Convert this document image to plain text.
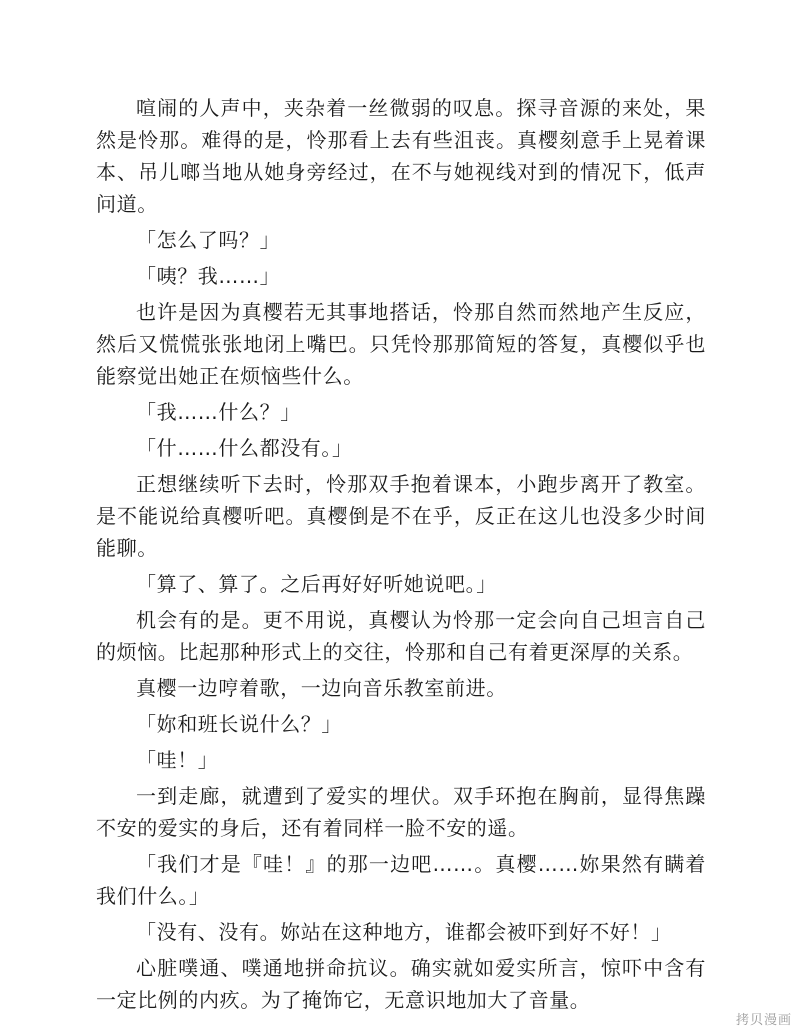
喧闹的人声中，夹杂着一丝微弱的叹息。探寻音源的来处，果然是怜那。难得的是，怜那看上去有些沮丧。真樱刻意手上晃着课本、吊儿啷当地从她身旁经过，在不与她视线对到的情况下，低声问道。

「怎么了吗？」

「咦？我……」

也许是因为真樱若无其事地搭话，怜那自然而然地产生反应，然后又慌慌张张地闭上嘴巴。只凭怜那那简短的答复，真樱似乎也能察觉出她正在烦恼些什么。

「我……什么？」

「什……什么都没有。」

正想继续听下去时，怜那双手抱着课本，小跑步离开了教室。是不能说给真樱听吧。真樱倒是不在乎，反正在这儿也没多少时间能聊。

「算了、算了。之后再好好听她说吧。」

机会有的是。更不用说，真樱认为怜那一定会向自己坦言自己的烦恼。比起那种形式上的交往，怜那和自己有着更深厚的关系。

真樱一边哼着歌，一边向音乐教室前进。

「妳和班长说什么？」

「哇！」

一到走廊，就遭到了爱实的埋伏。双手环抱在胸前，显得焦躁不安的爱实的身后，还有着同样一脸不安的遥。

「我们才是『哇！』的那一边吧……。真樱……妳果然有瞒着我们什么。」

「没有、没有。妳站在这种地方，谁都会被吓到好不好！」

心脏噗通、噗通地拼命抗议。确实就如爱实所言，惊吓中含有一定比例的内疚。为了掩饰它，无意识地加大了音量。

拷贝漫画
